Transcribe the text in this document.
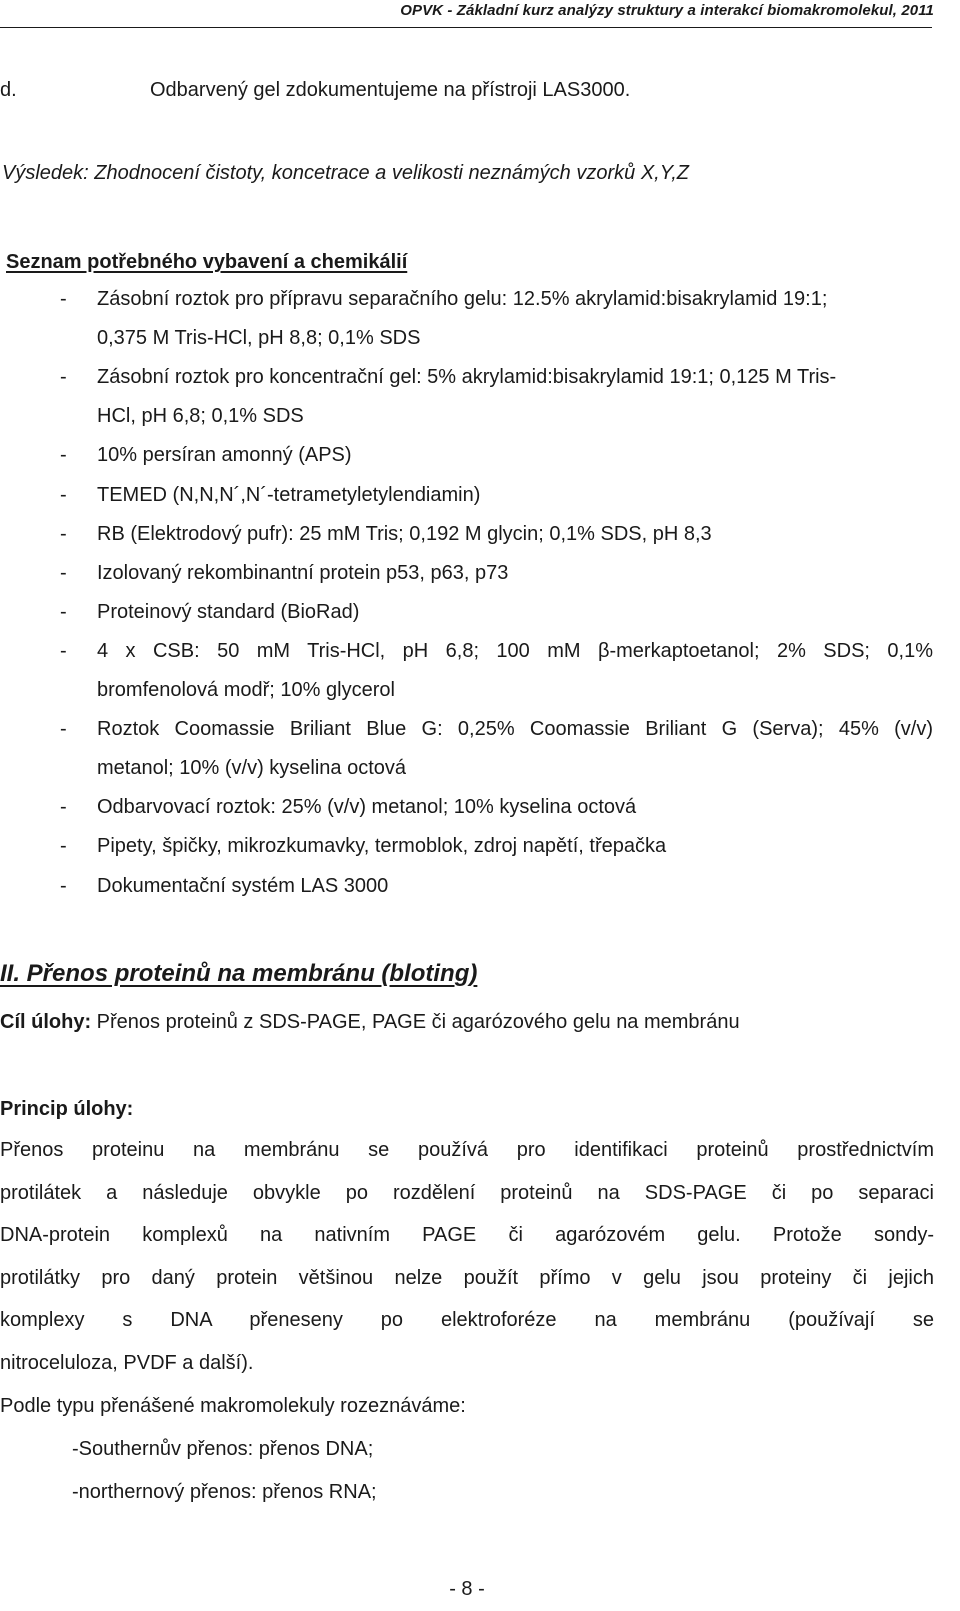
OPVK - Základní kurz analýzy struktury a interakcí biomakromolekul, 2011
d.	Odbarvený gel zdokumentujeme na přístroji LAS3000.
Výsledek: Zhodnocení čistoty, koncetrace a velikosti neznámých vzorků X,Y,Z
Seznam potřebného vybavení a chemikálií
- Zásobní roztok pro přípravu separačního gelu: 12.5% akrylamid:bisakrylamid 19:1;
0,375 M Tris-HCl, pH 8,8; 0,1% SDS
- Zásobní roztok pro koncentrační gel: 5% akrylamid:bisakrylamid 19:1; 0,125 M Tris-
HCl, pH 6,8; 0,1% SDS
- 10% persíran amonný (APS)
- TEMED (N,N,N´,N´-tetrametyletylendiamin)
- RB (Elektrodový pufr): 25 mM Tris; 0,192 M glycin; 0,1% SDS, pH 8,3
- Izolovaný rekombinantní protein p53, p63, p73
- Proteinový standard (BioRad)
- 4 x CSB: 50 mM Tris-HCl, pH 6,8; 100 mM β-merkaptoetanol; 2% SDS; 0,1%
bromfenolová modř; 10% glycerol
- Roztok Coomassie Briliant Blue G: 0,25% Coomassie Briliant G (Serva); 45% (v/v)
metanol; 10% (v/v) kyselina octová
- Odbarvovací roztok: 25% (v/v) metanol; 10% kyselina octová
- Pipety, špičky, mikrozkumavky, termoblok, zdroj napětí, třepačka
- Dokumentační systém LAS 3000
II. Přenos proteinů na membránu (bloting)
Cíl úlohy: Přenos proteinů z SDS-PAGE, PAGE či agarózového gelu na membránu
Princip úlohy:
Přenos proteinu na membránu se používá pro identifikaci proteinů prostřednictvím
protilátek a následuje obvykle po rozdělení proteinů na SDS-PAGE či po separaci
DNA-protein komplexů na nativním PAGE či agarózovém gelu. Protože sondy-
protilátky pro daný protein většinou nelze použít přímo v gelu jsou proteiny či jejich
komplexy s DNA přeneseny po elektroforéze na membránu (používají se
nitroceluloza, PVDF a další).
Podle typu přenášené makromolekuly rozeznáváme:
-Southernův přenos: přenos DNA;
-northernový přenos: přenos RNA;
- 8 -
